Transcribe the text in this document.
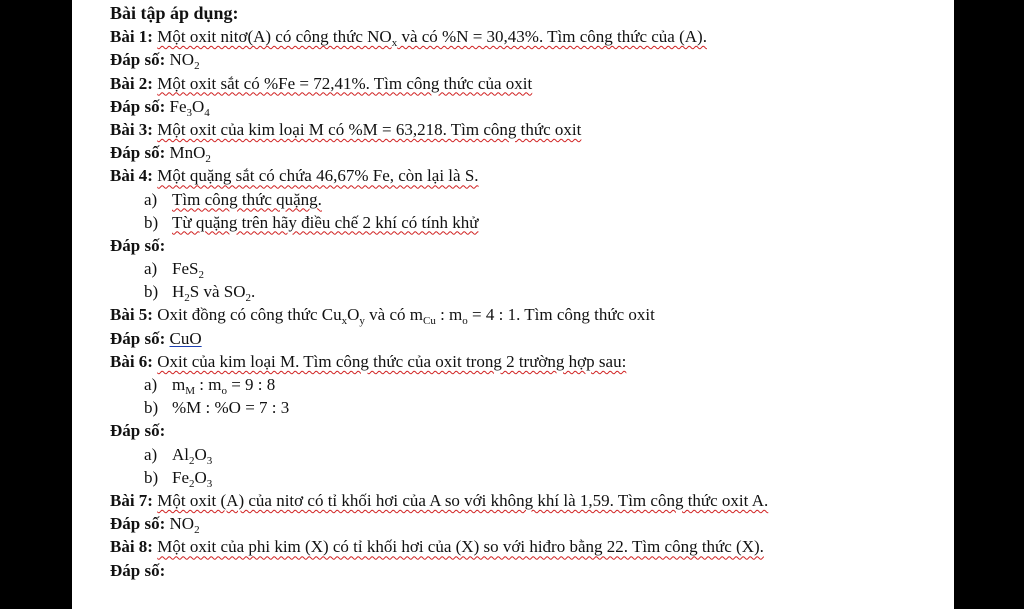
Bài tập áp dụng:
Bài 1: Một oxit nitơ(A) có công thức $NO_x$ và có %N = 30,43%. Tìm công thức của (A).
Đáp số: $NO_2$
Bài 2: Một oxit sắt có %Fe = 72,41%. Tìm công thức của oxit
Đáp số: $Fe_3O_4$
Bài 3: Một oxit của kim loại M có %M = 63,218. Tìm công thức oxit
Đáp số: MnO$_2$
Bài 4: Một quặng sắt có chứa 46,67% Fe, còn lại là S.
a) Tìm công thức quặng.
b) Từ quặng trên hãy điều chế 2 khí có tính khử
Đáp số:
a) FeS$_2$
b) $H_2S$ và $SO_2$.
Bài 5: Oxit đồng có công thức $Cu_xO_y$ và có $m_{Cu}$ : $m_o = 4$ : 1. Tìm công thức oxit
Đáp số: CuO
Bài 6: Oxit của kim loại M. Tìm công thức của oxit trong 2 trường hợp sau:
a) $m_M$ : $m_o = 9$ : 8
b) %M : %O = 7 : 3
Đáp số:
a) $Al_2O_3$
b) $Fe_2O_3$
Bài 7: Một oxit (A) của nitơ có tỉ khối hơi của A so với không khí là 1,59. Tìm công thức oxit A.
Đáp số: $NO_2$
Bài 8: Một oxit của phi kim (X) có tỉ khối hơi của (X) so với hiđro bằng 22. Tìm công thức (X).
Đáp số:
